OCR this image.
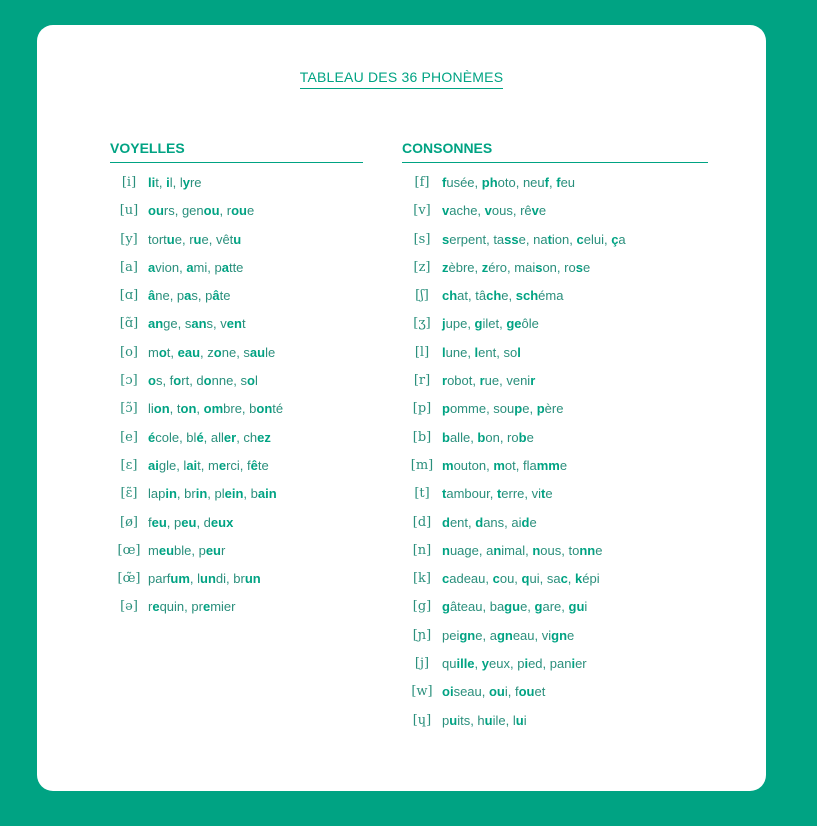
TABLEAU DES 36 PHONÈMES
VOYELLES
[i] lit, il, lyre
[u] ours, genou, roue
[y] tortue, rue, vêtu
[a] avion, ami, patte
[ɑ] âne, pas, pâte
[ɑ̃] ange, sans, vent
[o] mot, eau, zone, saule
[ɔ] os, fort, donne, sol
[ɔ̃] lion, ton, ombre, bonté
[e] école, blé, aller, chez
[ɛ] aigle, lait, merci, fête
[ɛ̃] lapin, brin, plein, bain
[ø] feu, peu, deux
[œ] meuble, peur
[œ̃] parfum, lundi, brun
[ə] requin, premier
CONSONNES
[f] fusée, photo, neuf, feu
[v] vache, vous, rêve
[s] serpent, tasse, nation, celui, ça
[z] zèbre, zéro, maison, rose
[ʃ]	chat, tâche, schéma
[ʒ] jupe, gilet, geôle
[l] lune, lent, sol
[r] robot, rue, venir
[p] pomme, soupe, père
[b] balle, bon, robe
[m] mouton, mot, flamme
[t] tambour, terre, vite
[d] dent, dans, aide
[n] nuage, animal, nous, tonne
[k] cadeau, cou, qui, sac, képi
[g] gâteau, bague, gare, gui
[ɲ] peigne, agneau, vigne
[j] quille, yeux, pied, panier
[w] oiseau, oui, fouet
[ɥ] puits, huile, lui
